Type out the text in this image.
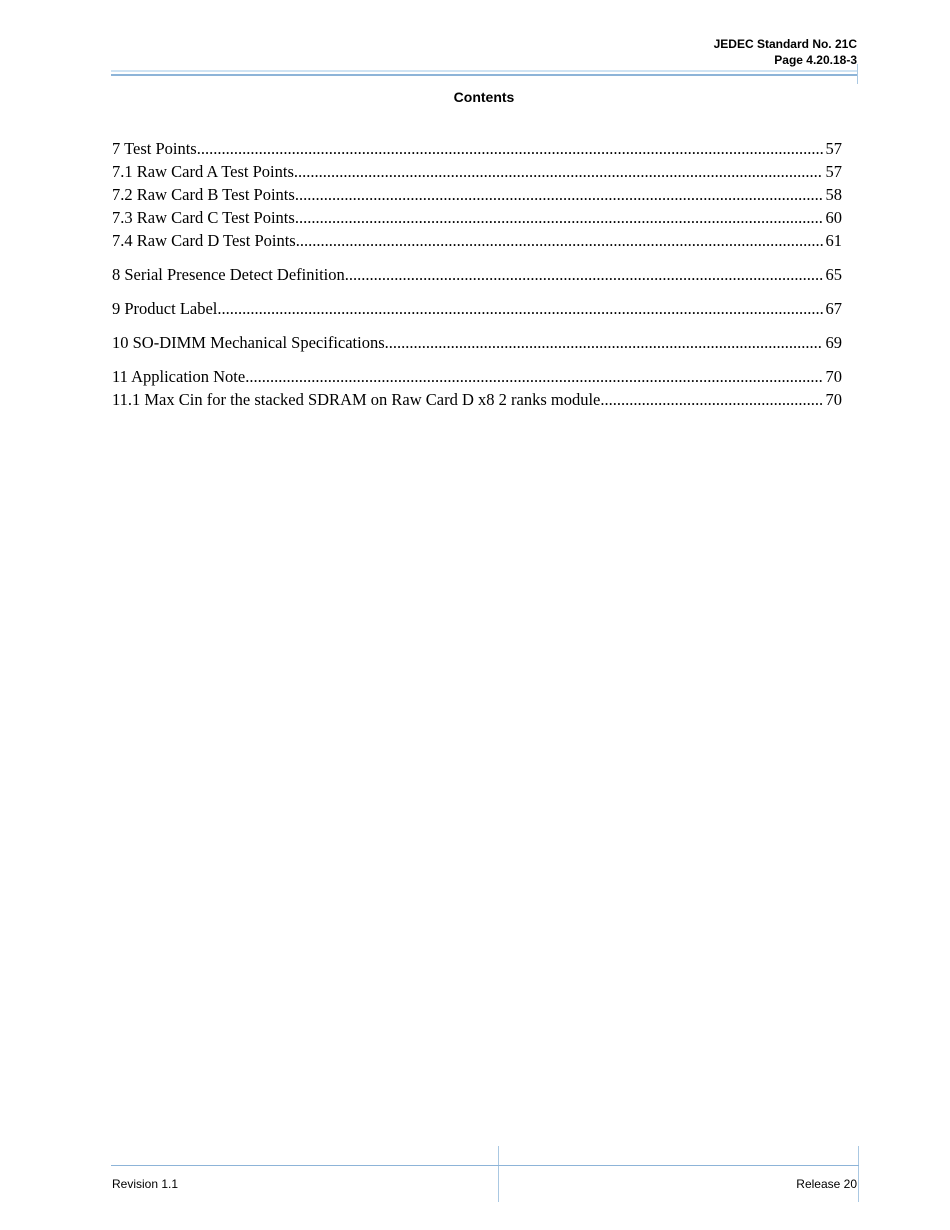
JEDEC Standard No. 21C
Page 4.20.18-3
Contents
7 Test Points .....	57
7.1 Raw Card A Test Points .....	57
7.2 Raw Card B Test Points .....	58
7.3 Raw Card C Test Points .....	60
7.4 Raw Card D Test Points .....	61
8 Serial Presence Detect Definition .....	65
9 Product Label .....	67
10 SO-DIMM Mechanical Specifications .....	69
11 Application Note .....	70
11.1 Max Cin for the stacked SDRAM on Raw Card D x8 2 ranks module .....	70
Revision 1.1	Release 20
